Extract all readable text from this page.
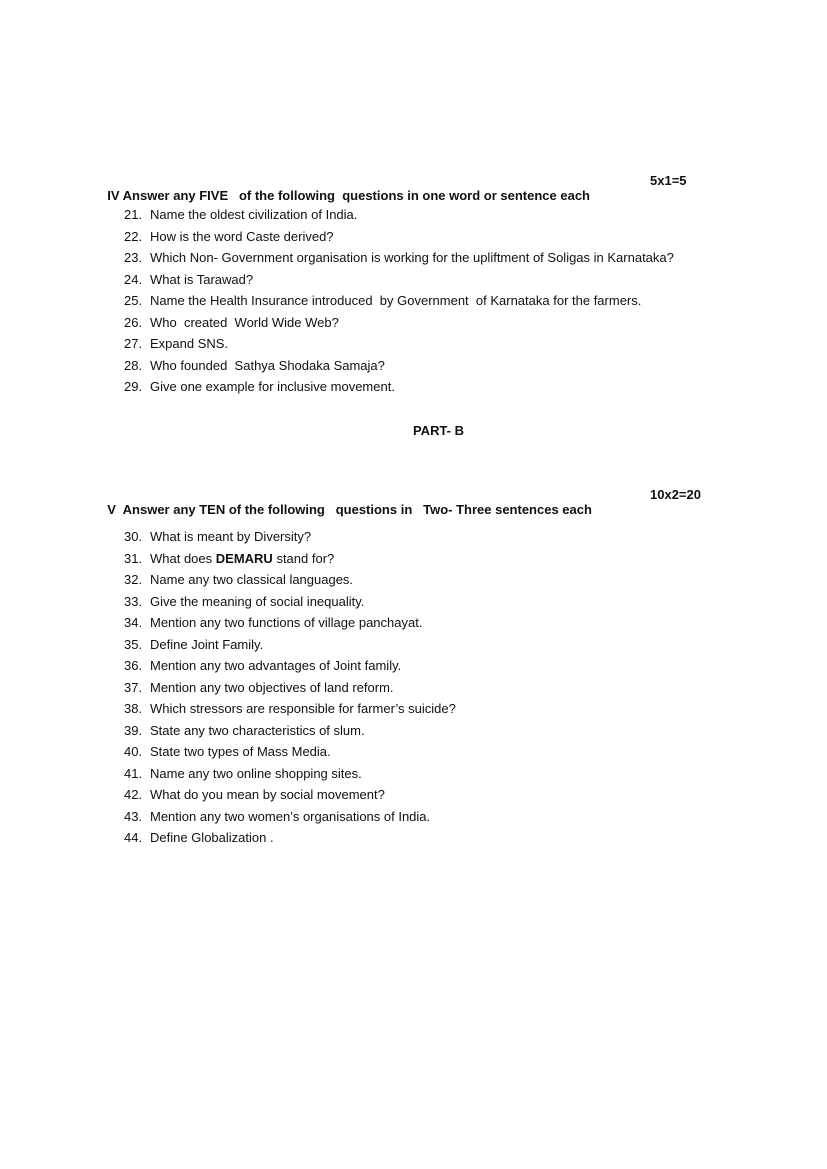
IV Answer any FIVE   of the following  questions in one word or sentence each

5x1=5

21. Name the oldest civilization of India.
22. How is the word Caste derived?
23. Which Non- Government organisation is working for the upliftment of Soligas in Karnataka?
24. What is Tarawad?
25. Name the Health Insurance introduced  by Government  of Karnataka for the farmers.
26. Who  created  World Wide Web?
27. Expand SNS.
28. Who founded  Sathya Shodaka Samaja?
29. Give one example for inclusive movement.
PART- B

V  Answer any TEN of the following   questions in   Two- Three sentences each

10x2=20

30. What is meant by Diversity?
31. What does DEMARU stand for?
32. Name any two classical languages.
33. Give the meaning of social inequality.
34. Mention any two functions of village panchayat.
35. Define Joint Family.
36. Mention any two advantages of Joint family.
37. Mention any two objectives of land reform.
38. Which stressors are responsible for farmer’s suicide?
39. State any two characteristics of slum.
40. State two types of Mass Media.
41. Name any two online shopping sites.
42. What do you mean by social movement?
43. Mention any two women’s organisations of India.
44. Define Globalization .
